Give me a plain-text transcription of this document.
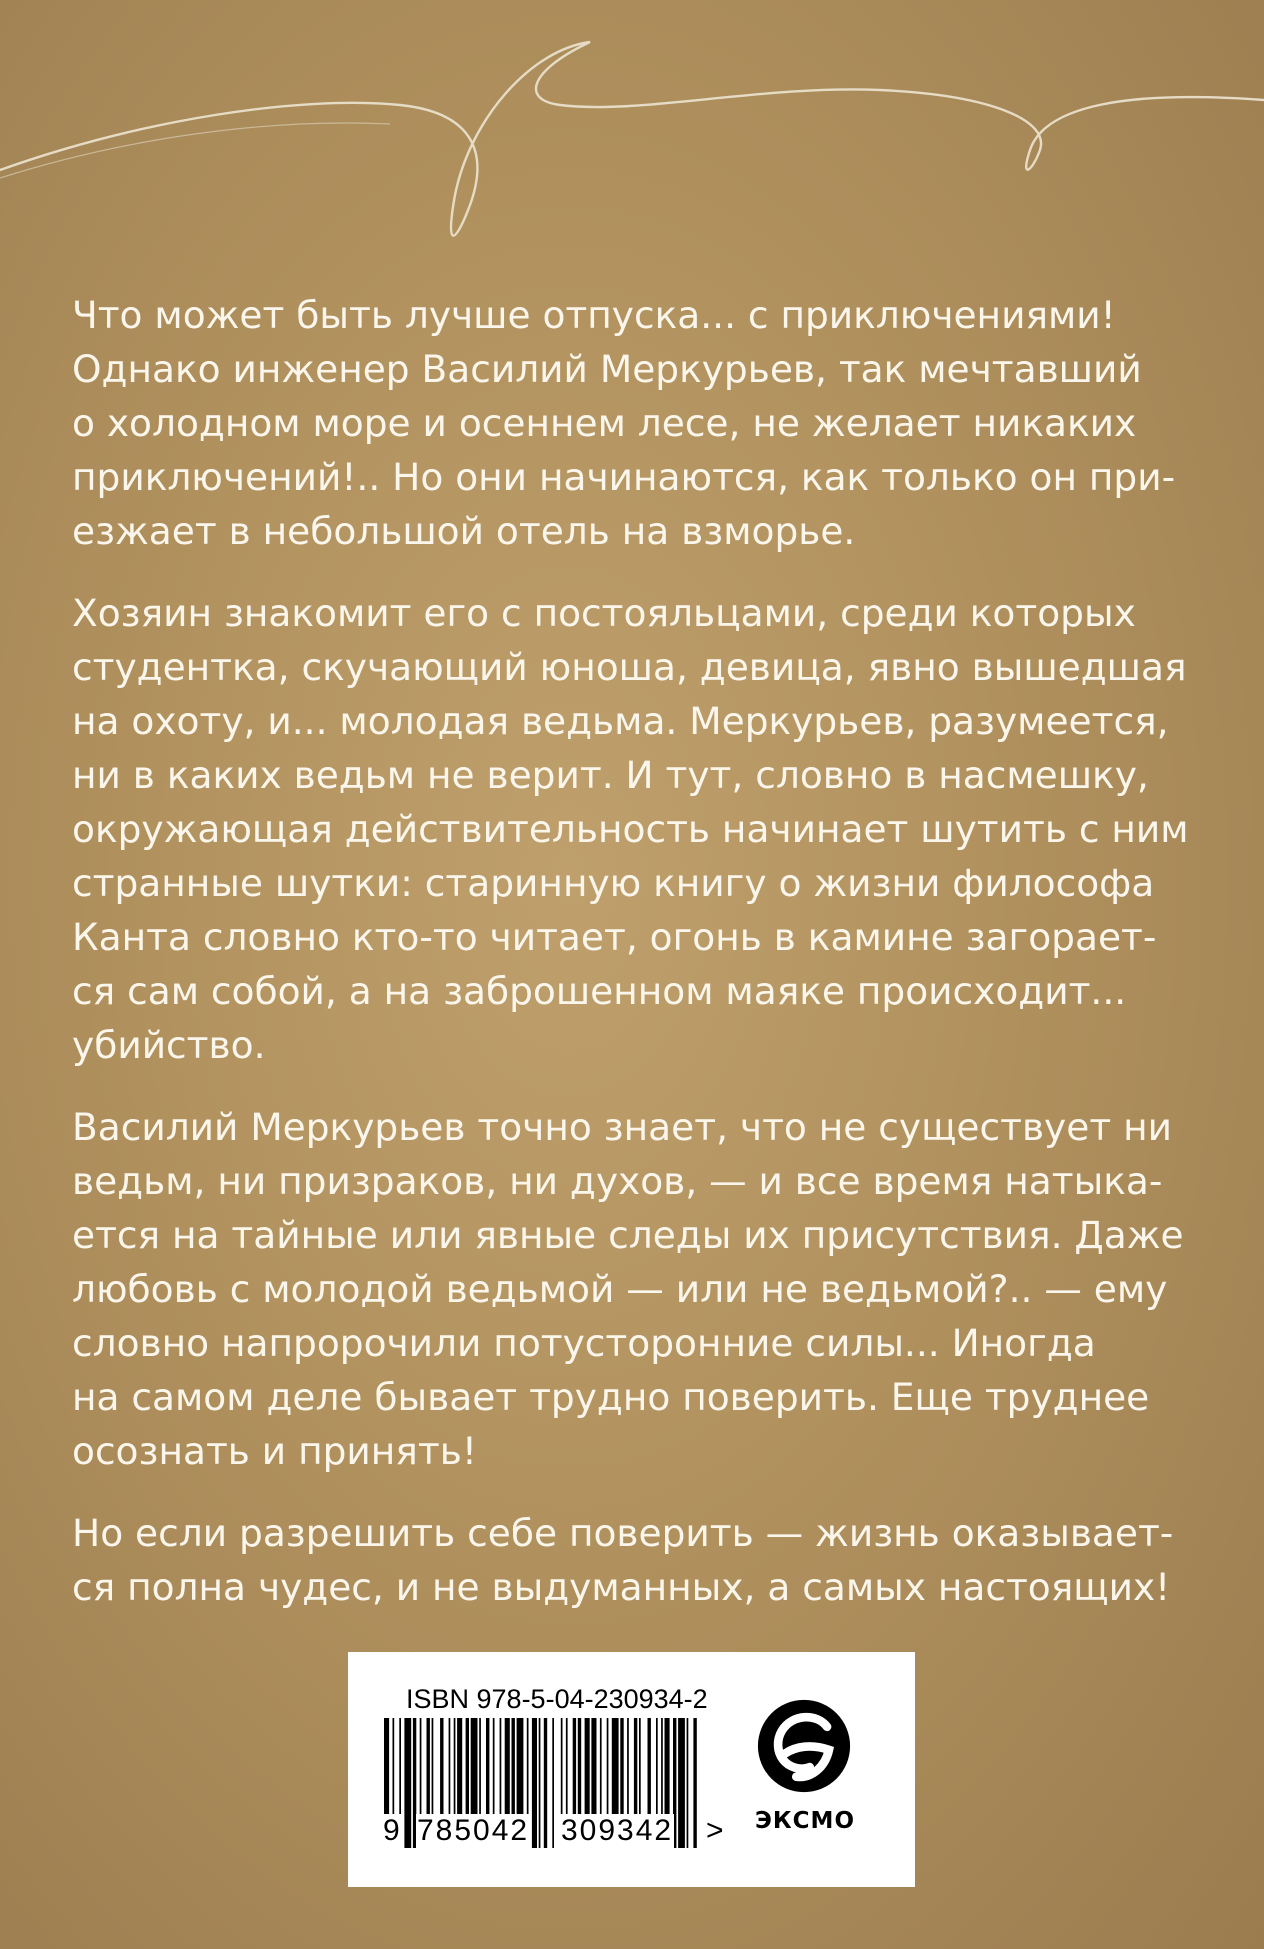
Что может быть лучше отпуска... с приключениями!
Однако инженер Василий Меркурьев, так мечтавший
о холодном море и осеннем лесе, не желает никаких
приключений!.. Но они начинаются, как только он при-
езжает в небольшой отель на взморье.

Хозяин знакомит его с постояльцами, среди которых
студентка, скучающий юноша, девица, явно вышедшая
на охоту, и... молодая ведьма. Меркурьев, разумеется,
ни в каких ведьм не верит. И тут, словно в насмешку,
окружающая действительность начинает шутить с ним
странные шутки: старинную книгу о жизни философа
Канта словно кто-то читает, огонь в камине загорает-
ся сам собой, а на заброшенном маяке происходит...
убийство.

Василий Меркурьев точно знает, что не существует ни
ведьм, ни призраков, ни духов, — и все время натыка-
ется на тайные или явные следы их присутствия. Даже
любовь с молодой ведьмой — или не ведьмой?.. — ему
словно напророчили потусторонние силы... Иногда
на самом деле бывает трудно поверить. Еще труднее
осознать и принять!

Но если разрешить себе поверить — жизнь оказывает-
ся полна чудес, и не выдуманных, а самых настоящих!

ISBN 978-5-04-230934-2
9 785042 309342 >	ЭКСМО
